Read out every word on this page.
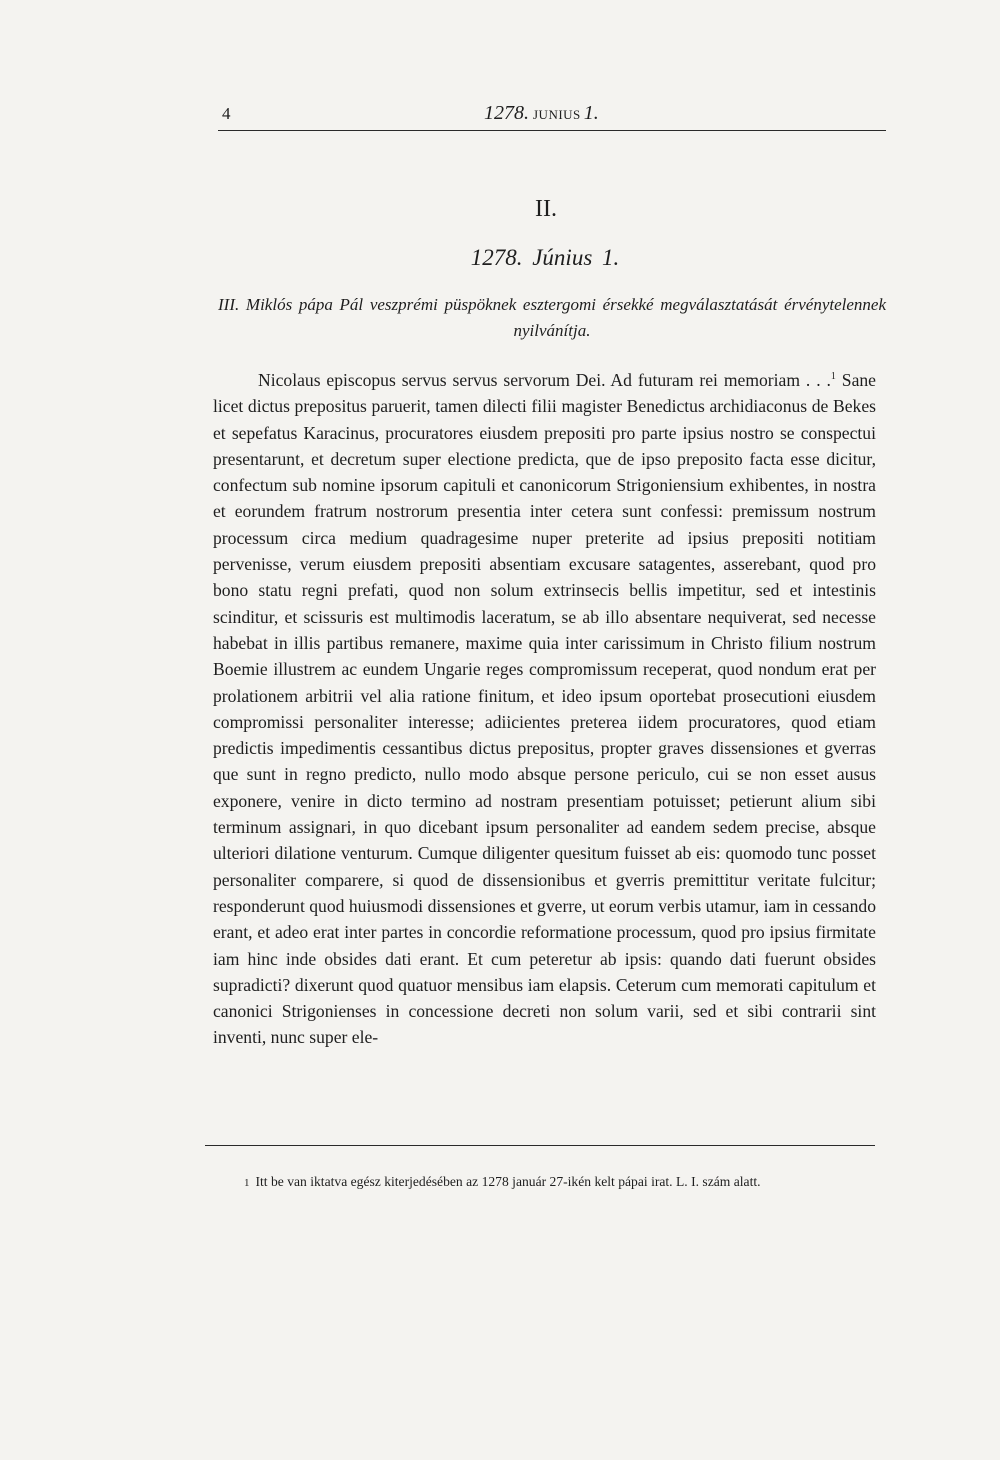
4	1278. JUNIUS 1.
II.
1278. Június 1.
III. Miklós pápa Pál veszprémi püspöknek esztergomi érsekké megválasztatását érvénytelennek nyilvánítja.

Nicolaus episcopus servus servus servorum Dei. Ad futuram rei memoriam . . .$^1$ Sane licet dictus prepositus paruerit, tamen dilecti filii magister Benedictus archidiaconus de Bekes et sepefatus Karacinus, procuratores eiusdem prepositi pro parte ipsius nostro se conspectui presentarunt, et decretum super electione predicta, que de ipso preposito facta esse dicitur, confectum sub nomine ipsorum capituli et canonicorum Strigoniensium exhibentes, in nostra et eorundem fratrum nostrorum presentia inter cetera sunt confessi: premissum nostrum processum circa medium quadragesime nuper preterite ad ipsius prepositi notitiam pervenisse, verum eiusdem prepositi absentiam excusare satagentes, asserebant, quod pro bono statu regni prefati, quod non solum extrinsecis bellis impetitur, sed et intestinis scinditur, et scissuris est multimodis laceratum, se ab illo absentare nequiverat, sed necesse habebat in illis partibus remanere, maxime quia inter carissimum in Christo filium nostrum Boemie illustrem ac eundem Ungarie reges compromissum receperat, quod nondum erat per prolationem arbitrii vel alia ratione finitum, et ideo ipsum oportebat prosecutioni eiusdem compromissi personaliter interesse; adiicientes preterea iidem procuratores, quod etiam predictis impedimentis cessantibus dictus prepositus, propter graves dissensiones et gverras que sunt in regno predicto, nullo modo absque persone periculo, cui se non esset ausus exponere, venire in dicto termino ad nostram presentiam potuisset; petierunt alium sibi terminum assignari, in quo dicebant ipsum personaliter ad eandem sedem precise, absque ulteriori dilatione venturum. Cumque diligenter quesitum fuisset ab eis: quomodo tunc posset personaliter comparere, si quod de dissensionibus et gverris premittitur veritate fulcitur; responderunt quod huiusmodi dissensiones et gverre, ut eorum verbis utamur, iam in cessando erant, et adeo erat inter partes in concordie reformatione processum, quod pro ipsius firmitate iam hinc inde obsides dati erant. Et cum peteretur ab ipsis: quando dati fuerunt obsides supradicti? dixerunt quod quatuor mensibus iam elapsis. Ceterum cum memorati capitulum et canonici Strigonienses in concessione decreti non solum varii, sed et sibi contrarii sint inventi, nunc super ele-

1 Itt be van iktatva egész kiterjedésében az 1278 január 27-ikén kelt pápai irat. L. I. szám alatt.
